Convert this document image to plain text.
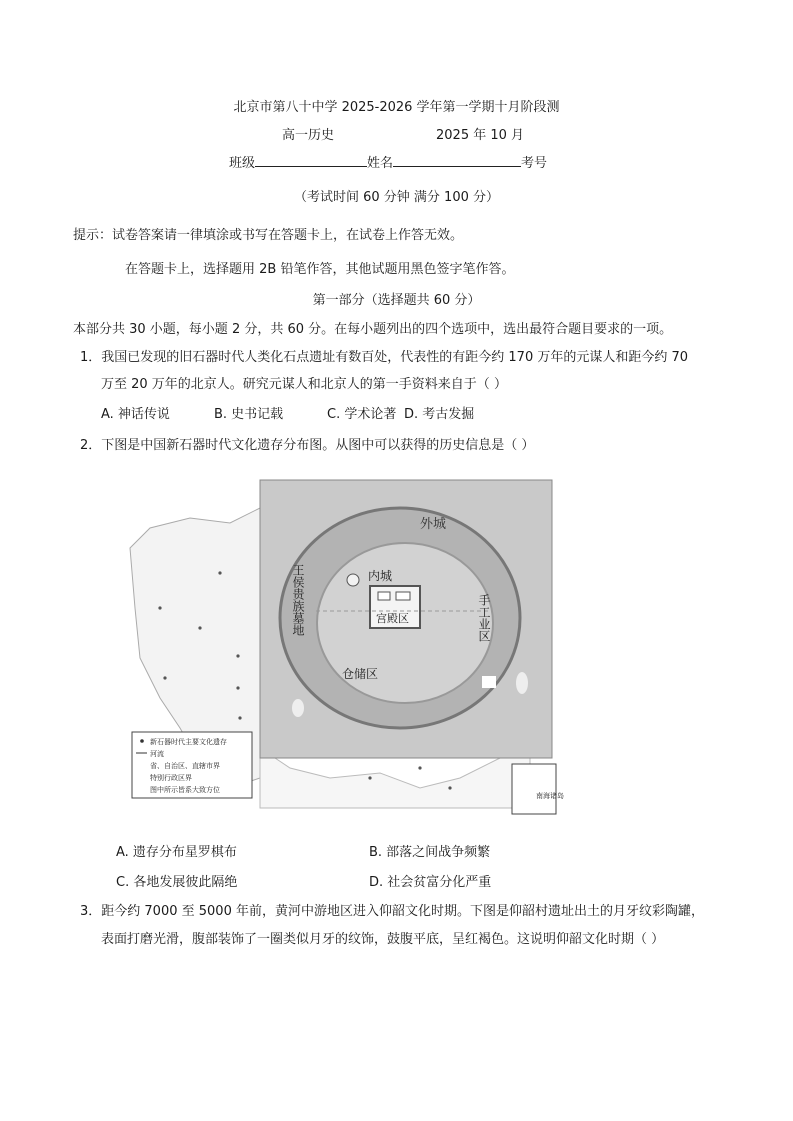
北京市第八十中学 2025-2026 学年第一学期十月阶段测
高一历史	2025 年 10 月
班级	姓名	考号
（考试时间 60 分钟 满分 100 分）
提示：试卷答案请一律填涂或书写在答题卡上，在试卷上作答无效。
在答题卡上，选择题用 2B 铅笔作答，其他试题用黑色签字笔作答。
第一部分（选择题共 60 分）
本部分共 30 小题，每小题 2 分，共 60 分。在每小题列出的四个选项中，选出最符合题目要求的一项。
1．我国已发现的旧石器时代人类化石点遗址有数百处，代表性的有距今约 170 万年的元谋人和距今约 70
万至 20 万年的北京人。研究元谋人和北京人的第一手资料来自于（ ）
A. 神话传说	B. 史书记载	C. 学术论著 D. 考古发掘
2．下图是中国新石器时代文化遗存分布图。从图中可以获得的历史信息是（ ）
外城
内城
宫殿区
仓储区
手工业区
王侯贵族墓地
新石器时代主要文化遗存
河流
省、自治区、直辖市界
特别行政区界
图中所示皆系大致方位
南海诸岛
A. 遗存分布星罗棋布	B. 部落之间战争频繁
C. 各地发展彼此隔绝	D. 社会贫富分化严重
3．距今约 7000 至 5000 年前，黄河中游地区进入仰韶文化时期。下图是仰韶村遗址出土的月牙纹彩陶罐，
表面打磨光滑，腹部装饰了一圈类似月牙的纹饰，鼓腹平底，呈红褐色。这说明仰韶文化时期（ ）
